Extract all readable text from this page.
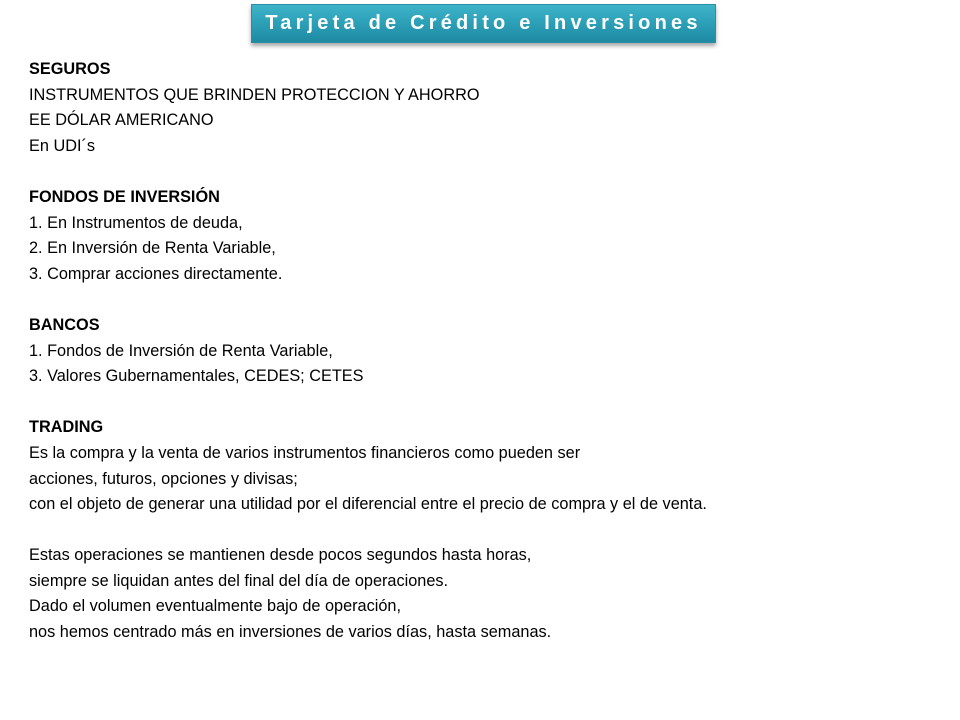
Tarjeta de Crédito e Inversiones
SEGUROS
INSTRUMENTOS QUE BRINDEN PROTECCION Y AHORRO
EE DÓLAR AMERICANO
En UDI´s
FONDOS DE INVERSIÓN
1. En Instrumentos de deuda,
2. En Inversión de Renta Variable,
3. Comprar acciones directamente.
BANCOS
1. Fondos de Inversión de Renta Variable,
3. Valores Gubernamentales, CEDES; CETES
TRADING
Es la compra y la venta de varios instrumentos financieros como pueden ser
acciones, futuros, opciones y divisas;
con el objeto de generar una utilidad por el diferencial entre el precio de compra y el de venta.
Estas operaciones se mantienen desde pocos segundos hasta horas,
siempre se liquidan antes del final del día de operaciones.
Dado el volumen eventualmente bajo de operación,
nos hemos centrado más en inversiones de varios días, hasta semanas.
